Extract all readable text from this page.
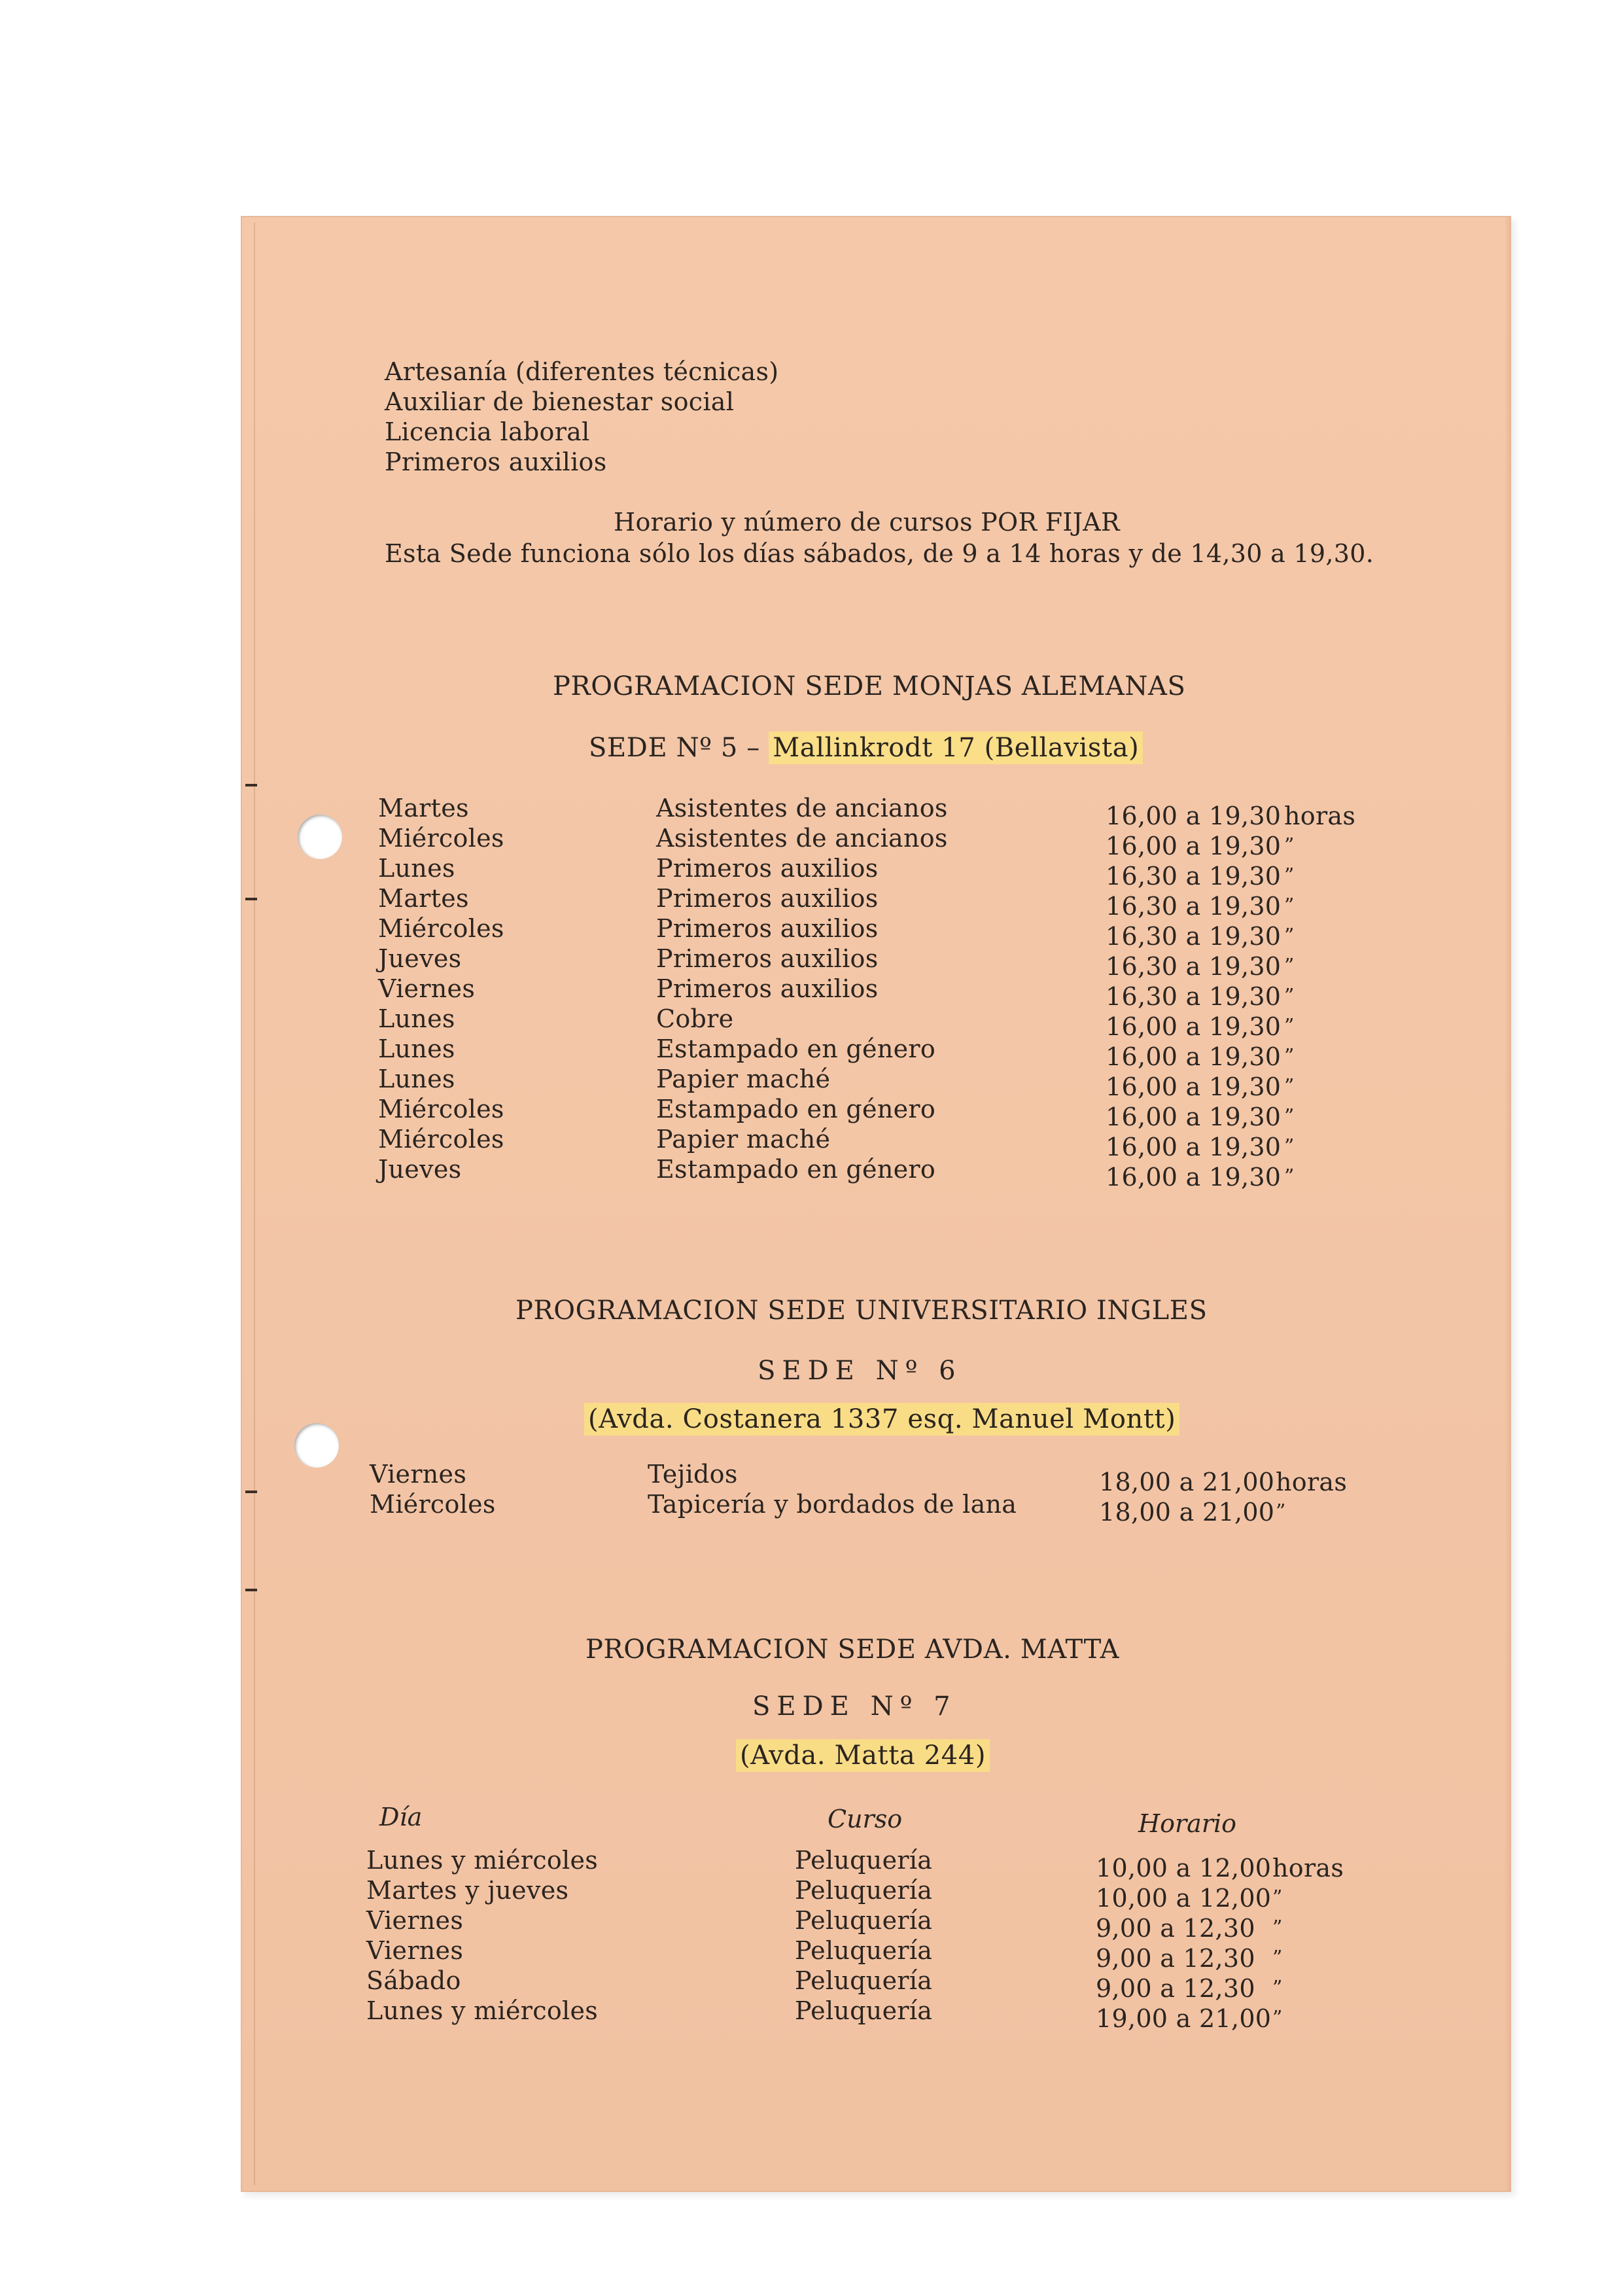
Artesanía (diferentes técnicas)
Auxiliar de bienestar social
Licencia laboral
Primeros auxilios
Horario y número de cursos POR FIJAR
Esta Sede funciona sólo los días sábados, de 9 a 14 horas y de 14,30 a 19,30.
PROGRAMACION SEDE MONJAS ALEMANAS
SEDE Nº 5 – Mallinkrodt 17 (Bellavista)
Martes	Asistentes de ancianos	16,00 a 19,30 horas
Miércoles	Asistentes de ancianos	16,00 a 19,30 ”
Lunes	Primeros auxilios	16,30 a 19,30 ”
Martes	Primeros auxilios	16,30 a 19,30 ”
Miércoles	Primeros auxilios	16,30 a 19,30 ”
Jueves	Primeros auxilios	16,30 a 19,30 ”
Viernes	Primeros auxilios	16,30 a 19,30 ”
Lunes	Cobre	16,00 a 19,30 ”
Lunes	Estampado en género	16,00 a 19,30 ”
Lunes	Papier maché	16,00 a 19,30 ”
Miércoles	Estampado en género	16,00 a 19,30 ”
Miércoles	Papier maché	16,00 a 19,30 ”
Jueves	Estampado en género	16,00 a 19,30 ”
PROGRAMACION SEDE UNIVERSITARIO INGLES
SEDE Nº 6
(Avda. Costanera 1337 esq. Manuel Montt)
Viernes	Tejidos	18,00 a 21,00 horas
Miércoles	Tapicería y bordados de lana	18,00 a 21,00 ”
PROGRAMACION SEDE AVDA. MATTA
SEDE Nº 7
(Avda. Matta 244)
Día	Curso	Horario
Lunes y miércoles	Peluquería	10,00 a 12,00 horas
Martes y jueves	Peluquería	10,00 a 12,00 ”
Viernes	Peluquería	9,00 a 12,30 ”
Viernes	Peluquería	9,00 a 12,30 ”
Sábado	Peluquería	9,00 a 12,30 ”
Lunes y miércoles	Peluquería	19,00 a 21,00 ”
